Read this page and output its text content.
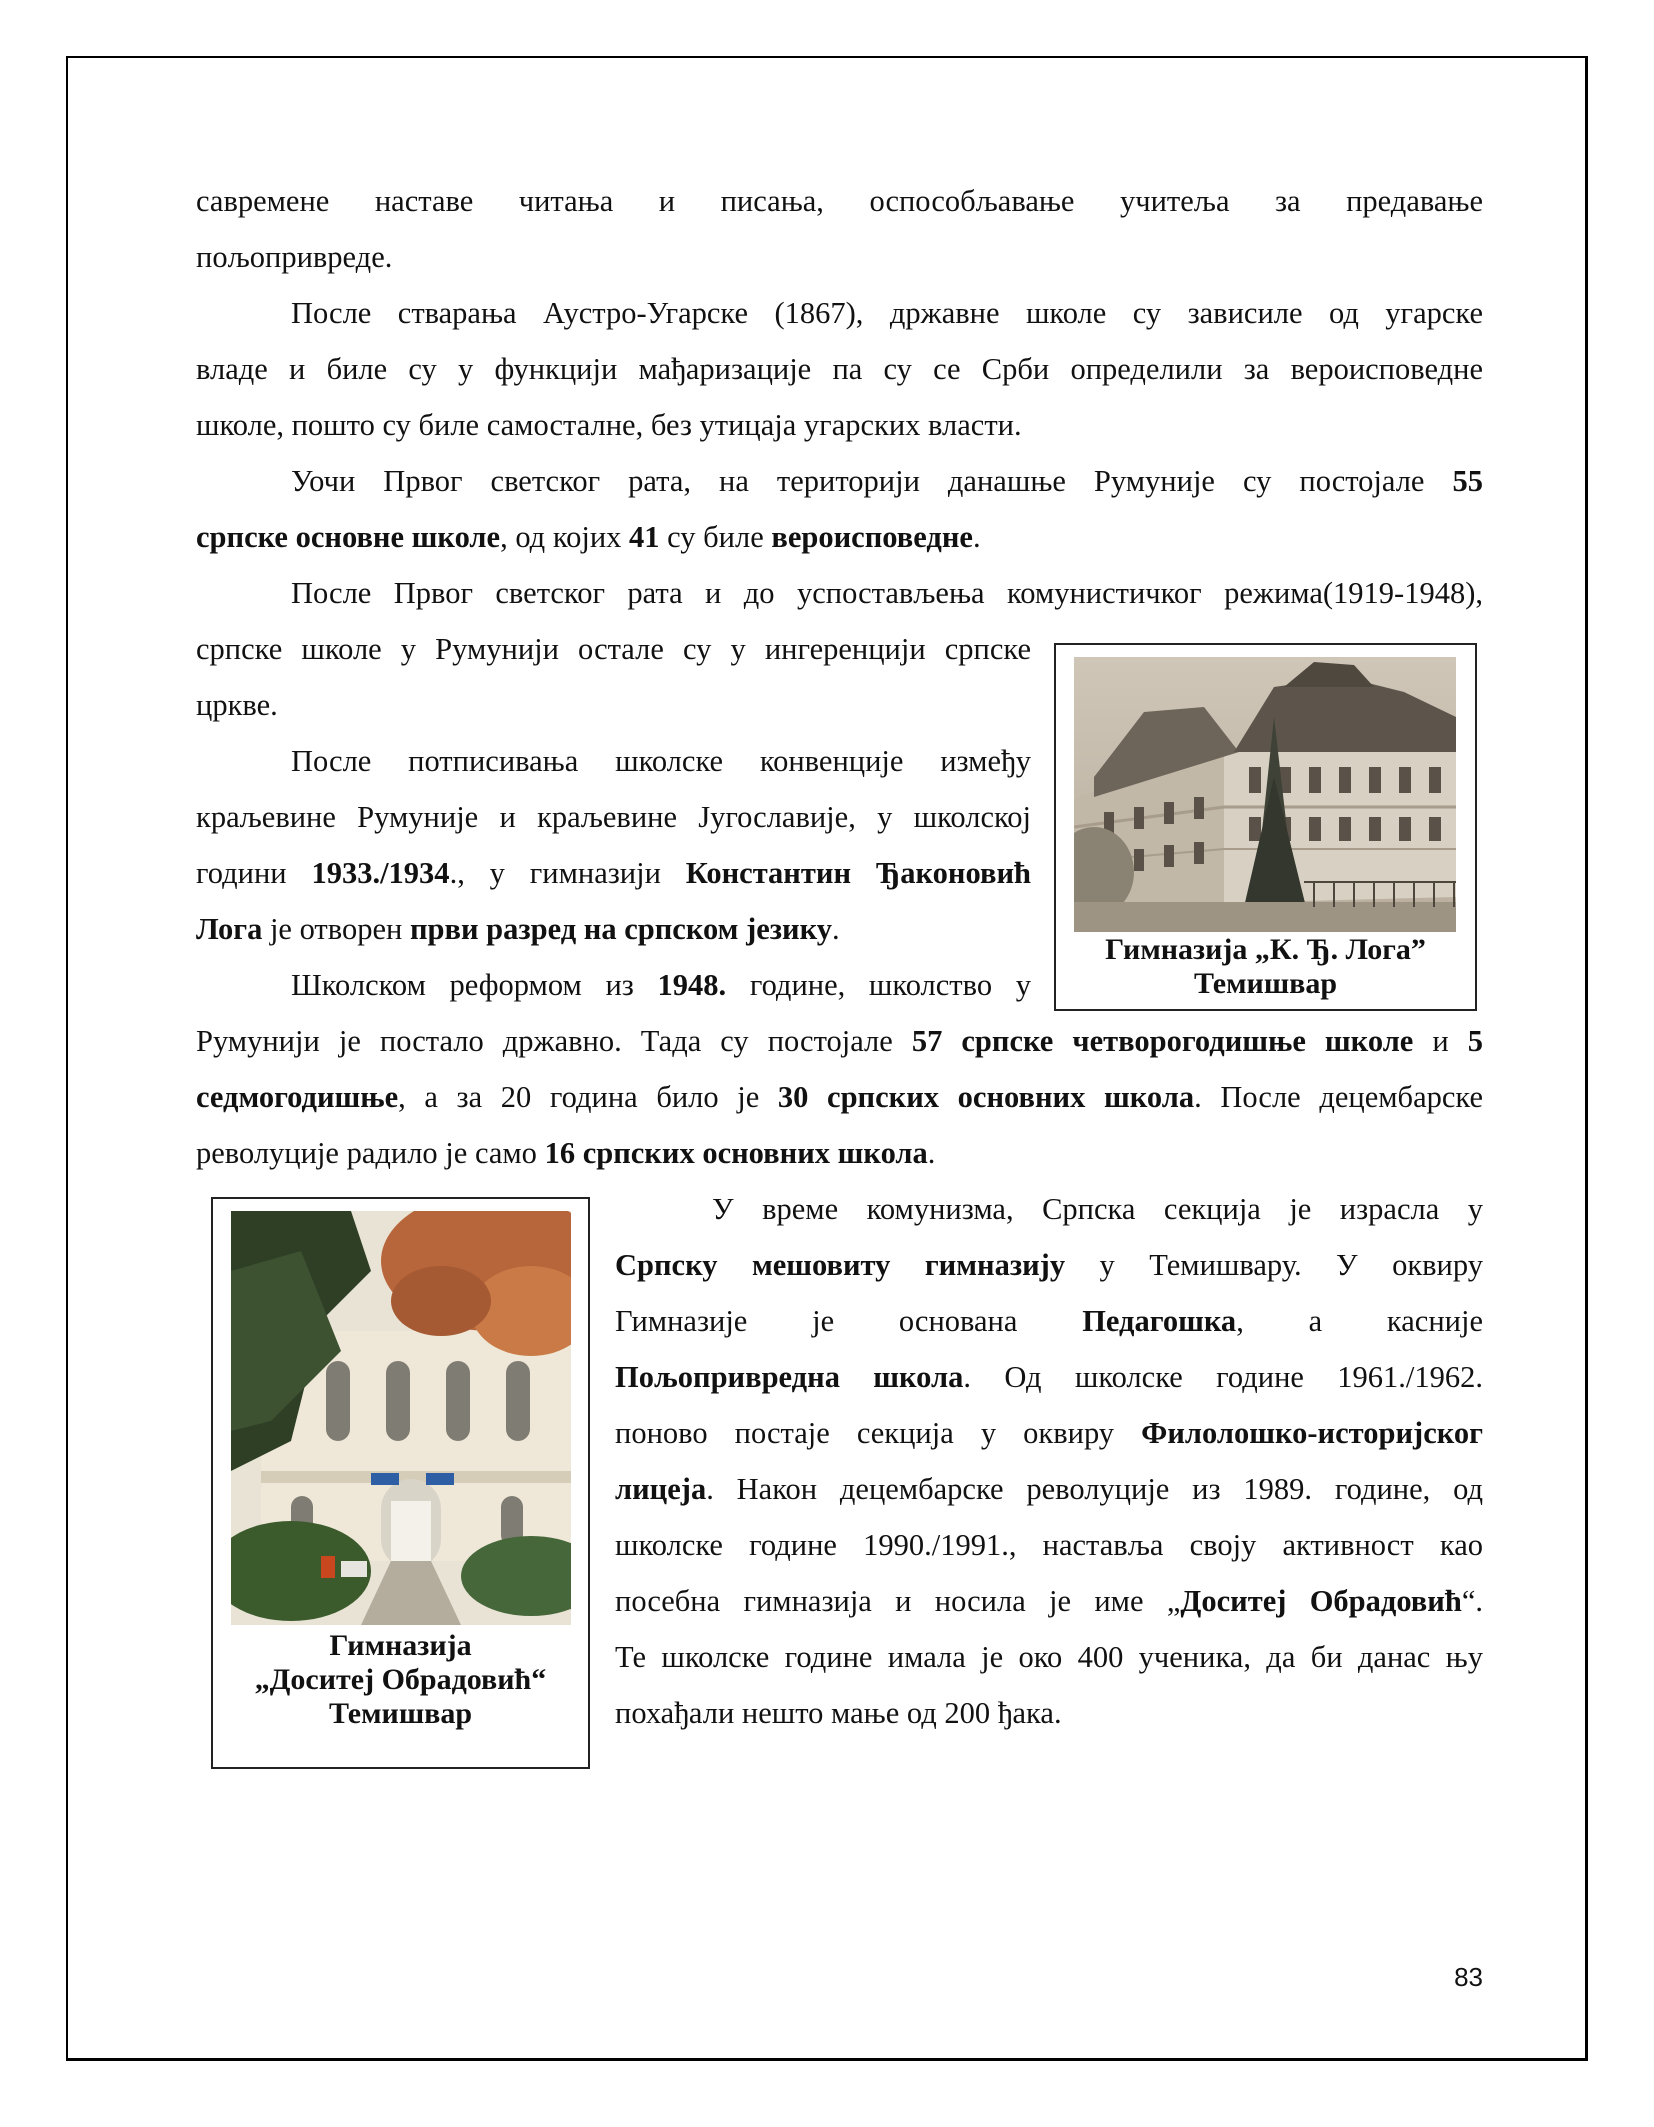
савремене наставе читања и писања, оспособљавање учитеља за предавање
пољопривреде.
После стварања Аустро-Угарске (1867), државне школе су зависиле од угарске
владе и биле су у функцији мађаризације па су се Срби определили за вероисповедне
школе, пошто су биле самосталне, без утицаја угарских власти.
Уочи Првог светског рата, на територији данашње Румуније су постојале 55
српске основне школе, од којих 41 су биле вероисповедне.
После Првог светског рата и до успостављења комунистичког режима(1919-1948),
српске школе у Румунији остале су у ингеренцији српске
цркве.
После потписивања школске конвенције између
краљевине Румуније и краљевине Југославије, у школској
години 1933./1934., у гимназији Константин Ђаконовић
Лога је отворен први разред на српском језику.
Школском реформом из 1948. године, школство у
Румунији је постало државно. Тада су постојале 57 српске четворогодишње школе и 5
седмогодишње, а за 20 година било је 30 српских основних школа. После децембарске
револуције радило је само 16 српских основних школа.
У време комунизма, Српска секција је израсла у
Српску мешовиту гимназију у Темишвару. У оквиру
Гимназије је основана Педагошка, а касније
Пољопривредна школа. Од школске године 1961./1962.
поново постаје секција у оквиру Филолошко-историјског
лицеја. Након децембарске револуције из 1989. године, од
школске године 1990./1991., наставља своју активност као
посебна гимназија и носила је име „Доситеј Обрадовић“.
Те школске године имала је око 400 ученика, да би данас њу
похађали нешто мање од 200 ђака.
Гимназија „К. Ђ. Лога”
Темишвар
Гимназија
„Доситеј Обрадовић“
Темишвар
83
